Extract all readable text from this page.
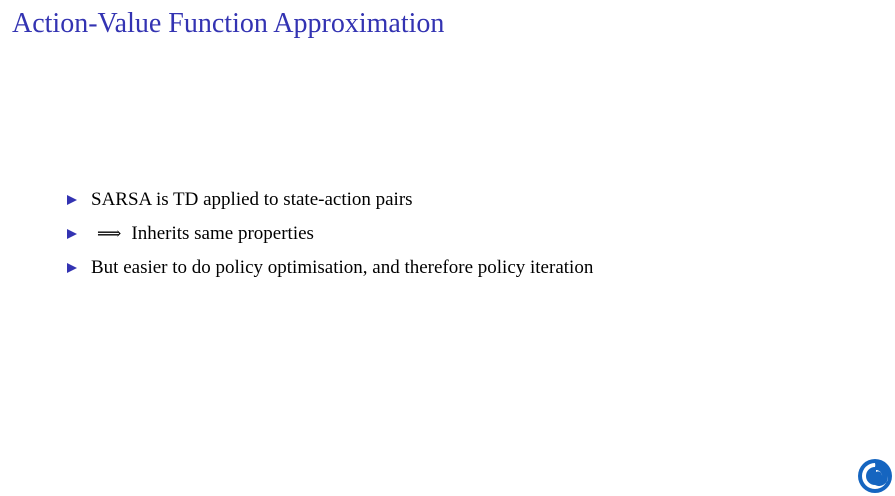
Action-Value Function Approximation
SARSA is TD applied to state-action pairs
⟹ Inherits same properties
But easier to do policy optimisation, and therefore policy iteration
